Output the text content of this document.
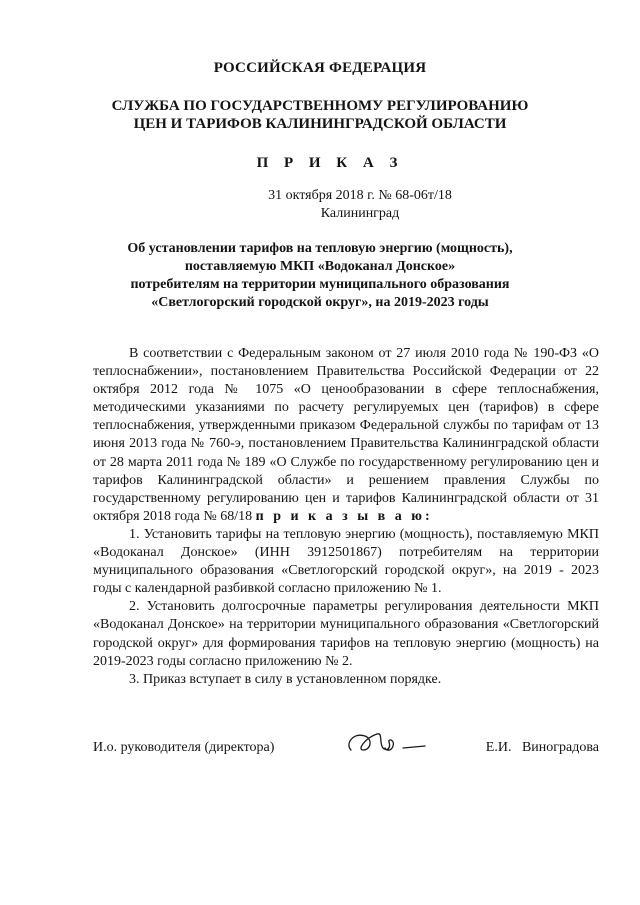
РОССИЙСКАЯ ФЕДЕРАЦИЯ
СЛУЖБА ПО ГОСУДАРСТВЕННОМУ РЕГУЛИРОВАНИЮ
ЦЕН И ТАРИФОВ КАЛИНИНГРАДСКОЙ ОБЛАСТИ
П Р И К А З
31 октября 2018 г. № 68-06т/18
Калининград
Об установлении тарифов на тепловую энергию (мощность),
поставляемую МКП «Водоканал Донское»
потребителям на территории муниципального образования
«Светлогорский городской округ», на 2019-2023 годы

В соответствии с Федеральным законом от 27 июля 2010 года № 190-ФЗ «О теплоснабжении», постановлением Правительства Российской Федерации от 22 октября 2012 года № 1075 «О ценообразовании в сфере теплоснабжения, методическими указаниями по расчету регулируемых цен (тарифов) в сфере теплоснабжения, утвержденными приказом Федеральной службы по тарифам от 13 июня 2013 года № 760-э, постановлением Правительства Калининградской области от 28 марта 2011 года № 189 «О Службе по государственному регулированию цен и тарифов Калининградской области» и решением правления Службы по государственному регулированию цен и тарифов Калининградской области от 31 октября 2018 года № 68/18 п р и к а з ы в а ю:

1. Установить тарифы на тепловую энергию (мощность), поставляемую МКП «Водоканал Донское» (ИНН 3912501867) потребителям на территории муниципального образования «Светлогорский городской округ», на 2019 - 2023 годы с календарной разбивкой согласно приложению № 1.

2. Установить долгосрочные параметры регулирования деятельности МКП «Водоканал Донское» на территории муниципального образования «Светлогорский городской округ» для формирования тарифов на тепловую энергию (мощность) на 2019-2023 годы согласно приложению № 2.

3. Приказ вступает в силу в установленном порядке.

И.о. руководителя (директора)	Е.И.   Виноградова
